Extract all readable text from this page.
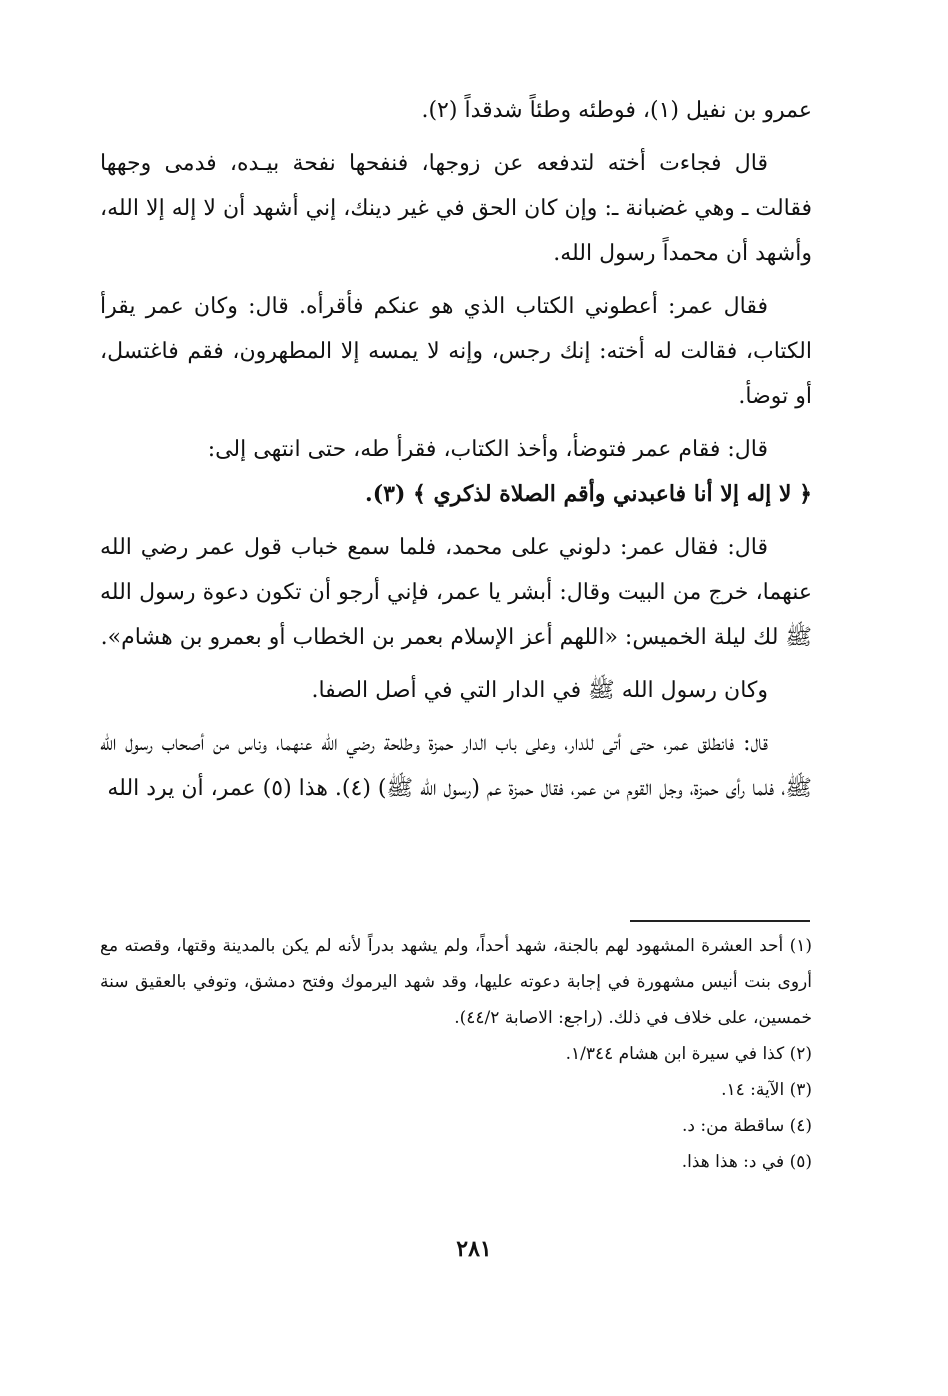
عمرو بن نفيل (١)، فوطئه وطئاً شدقداً (٢).

قال فجاءت أخته لتدفعه عن زوجها، فنفحها نفحة بيـده، فدمى وجهها فقالت ـ وهي غضبانة ـ: وإن كان الحق في غير دينك، إني أشهد أن لا إله إلا الله، وأشهد أن محمداً رسول الله.

فقال عمر: أعطوني الكتاب الذي هو عنكم فأقرأه. قال: وكان عمر يقرأ الكتاب، فقالت له أخته: إنك رجس، وإنه لا يمسه إلا المطهرون، فقم فاغتسل، أو توضأ.

قال: فقام عمر فتوضأ، وأخذ الكتاب، فقرأ طه، حتى انتهى إلى:

﴿ لا إله إلا أنا فاعبدني وأقم الصلاة لذكري ﴾ (٣).

قال: فقال عمر: دلوني على محمد، فلما سمع خباب قول عمر رضي الله عنهما، خرج من البيت وقال: أبشر يا عمر، فإني أرجو أن تكون دعوة رسول الله ﷺ لك ليلة الخميس: «اللهم أعز الإسلام بعمر بن الخطاب أو بعمرو بن هشام».

وكان رسول الله ﷺ في الدار التي في أصل الصفا.

قال: فانطلق عمر، حتى أتى للدار، وعلى باب الدار حمزة وطلحة رضي الله عنهما، وناس من أصحاب رسول الله ﷺ، فلما رأى حمزة، وجل القوم من عمر، فقال حمزة عم (رسول الله ﷺ) (٤). هذا (٥) عمر، أن يرد الله

(١) أحد العشرة المشهود لهم بالجنة، شهد أحداً، ولم يشهد بدراً لأنه لم يكن بالمدينة وقتها، وقصته مع أروى بنت أنيس مشهورة في إجابة دعوته عليها، وقد شهد اليرموك وفتح دمشق، وتوفي بالعقيق سنة خمسين، على خلاف في ذلك. (راجع: الاصابة ٤٤/٢).

(٢) كذا في سيرة ابن هشام ١/٣٤٤.

(٣) الآية: ١٤.

(٤) ساقطة من: د.

(٥) في د: هذا هذا.

٢٨١
